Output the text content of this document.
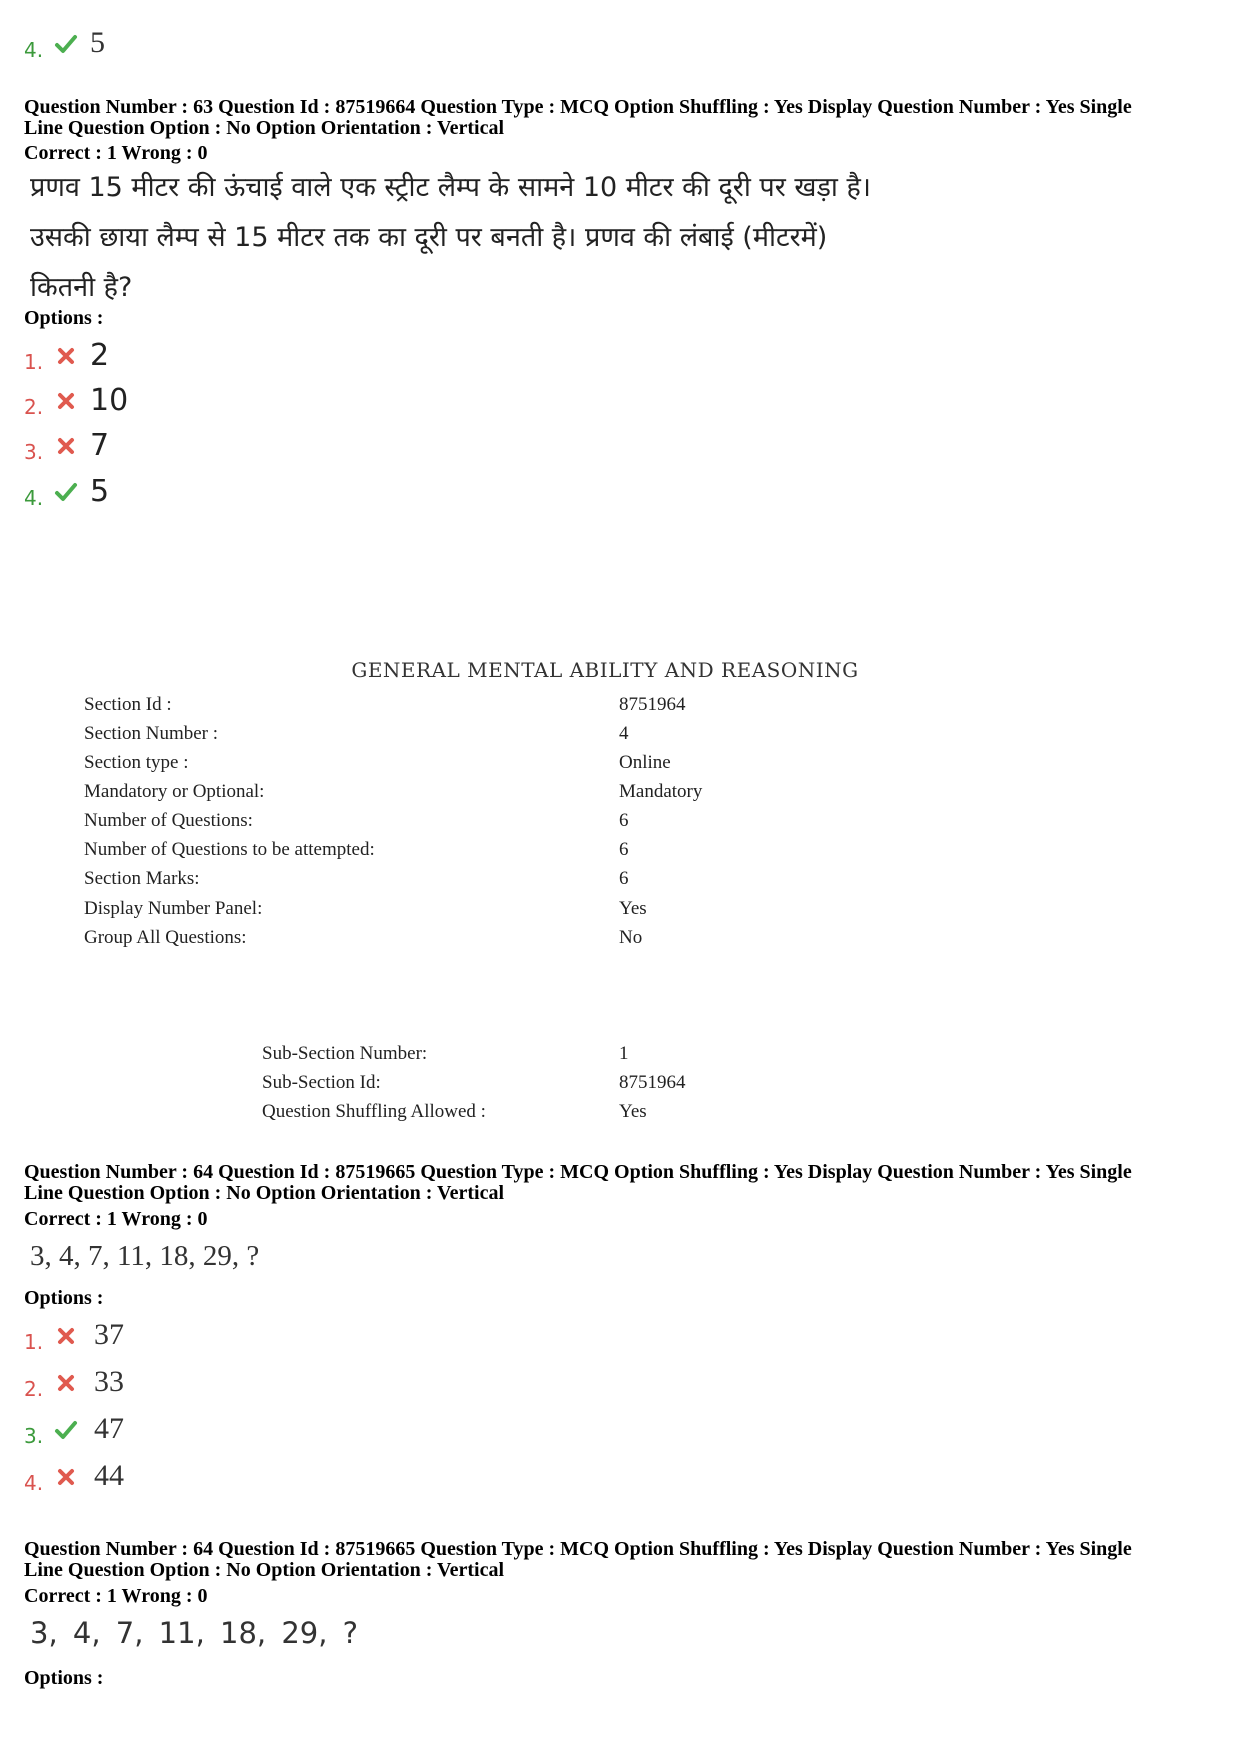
4. 5
Question Number : 63 Question Id : 87519664 Question Type : MCQ Option Shuffling : Yes Display Question Number : Yes Single
Line Question Option : No Option Orientation : Vertical
Correct : 1 Wrong : 0
प्रणव 15 मीटर की ऊंचाई वाले एक स्ट्रीट लैम्प के सामने 10 मीटर की दूरी पर खड़ा है।
उसकी छाया लैम्प से 15 मीटर तक का दूरी पर बनती है। प्रणव की लंबाई (मीटरमें)
कितनी है?
Options :
1. 2
2. 10
3. 7
4. 5
GENERAL MENTAL ABILITY AND REASONING
Section Id :	8751964
Section Number :	4
Section type :	Online
Mandatory or Optional:	Mandatory
Number of Questions:	6
Number of Questions to be attempted:	6
Section Marks:	6
Display Number Panel:	Yes
Group All Questions:	No
Sub-Section Number:	1
Sub-Section Id:	8751964
Question Shuffling Allowed :	Yes
Question Number : 64 Question Id : 87519665 Question Type : MCQ Option Shuffling : Yes Display Question Number : Yes Single
Line Question Option : No Option Orientation : Vertical
Correct : 1 Wrong : 0
3, 4, 7, 11, 18, 29, ?
Options :
1. 37
2. 33
3. 47
4. 44
Question Number : 64 Question Id : 87519665 Question Type : MCQ Option Shuffling : Yes Display Question Number : Yes Single
Line Question Option : No Option Orientation : Vertical
Correct : 1 Wrong : 0
3, 4, 7, 11, 18, 29, ?
Options :
